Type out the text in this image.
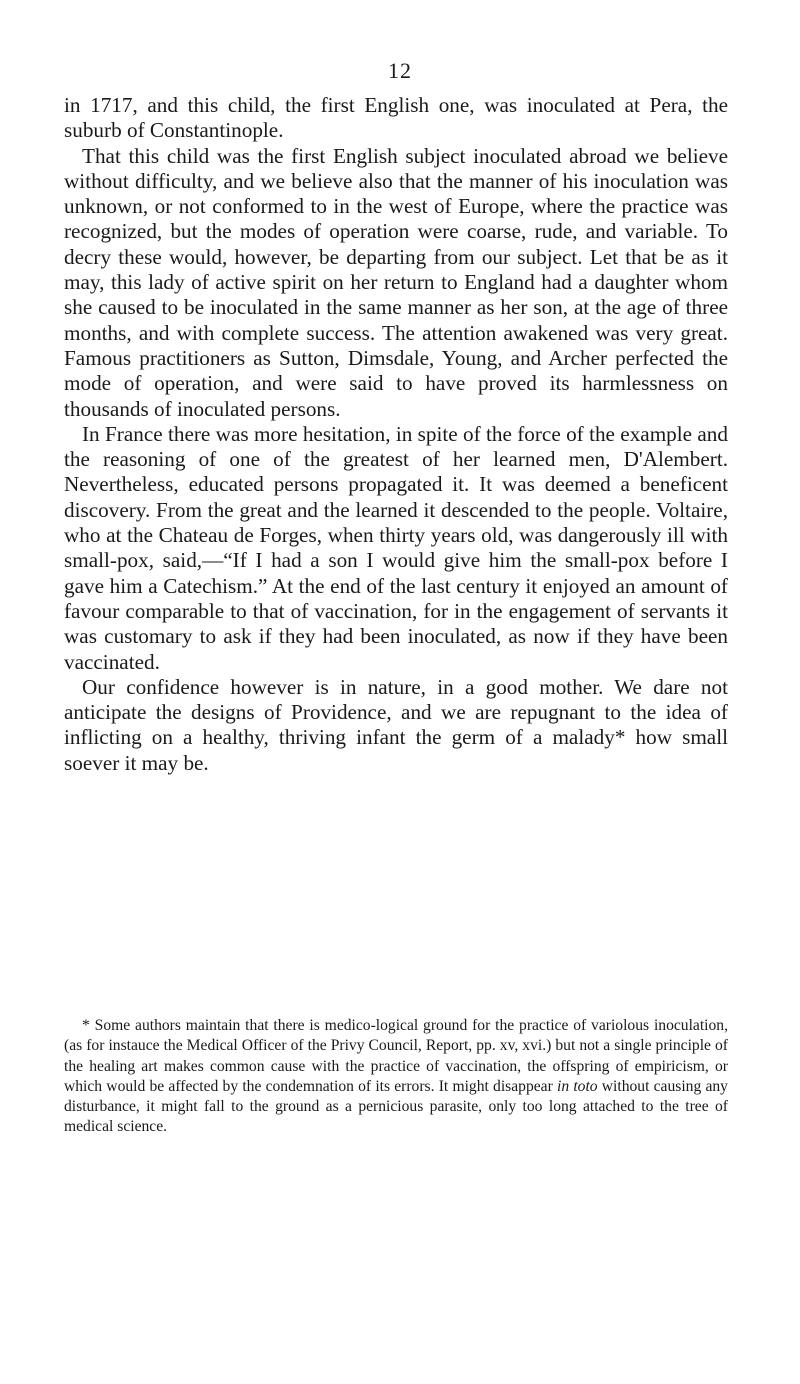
12

in 1717, and this child, the first English one, was inoculated at Pera, the suburb of Constantinople.

That this child was the first English subject inoculated abroad we believe without difficulty, and we believe also that the manner of his inoculation was unknown, or not conformed to in the west of Europe, where the practice was recognized, but the modes of operation were coarse, rude, and variable. To decry these would, however, be departing from our subject. Let that be as it may, this lady of active spirit on her return to England had a daughter whom she caused to be inoculated in the same manner as her son, at the age of three months, and with complete success. The attention awakened was very great. Famous practitioners as Sutton, Dimsdale, Young, and Archer perfected the mode of operation, and were said to have proved its harmlessness on thousands of inoculated persons.

In France there was more hesitation, in spite of the force of the example and the reasoning of one of the greatest of her learned men, D'Alembert. Nevertheless, educated persons propagated it. It was deemed a beneficent discovery. From the great and the learned it descended to the people. Voltaire, who at the Chateau de Forges, when thirty years old, was dangerously ill with small-pox, said,—“If I had a son I would give him the small-pox before I gave him a Catechism.” At the end of the last century it enjoyed an amount of favour comparable to that of vaccination, for in the engagement of servants it was customary to ask if they had been inoculated, as now if they have been vaccinated.

Our confidence however is in nature, in a good mother. We dare not anticipate the designs of Providence, and we are repugnant to the idea of inflicting on a healthy, thriving infant the germ of a malady* how small soever it may be.

* Some authors maintain that there is medico-logical ground for the practice of variolous inoculation, (as for instauce the Medical Officer of the Privy Council, Report, pp. xv, xvi.) but not a single principle of the healing art makes common cause with the practice of vaccination, the offspring of empiricism, or which would be affected by the condemnation of its errors. It might disappear in toto without causing any disturbance, it might fall to the ground as a pernicious parasite, only too long attached to the tree of medical science.
